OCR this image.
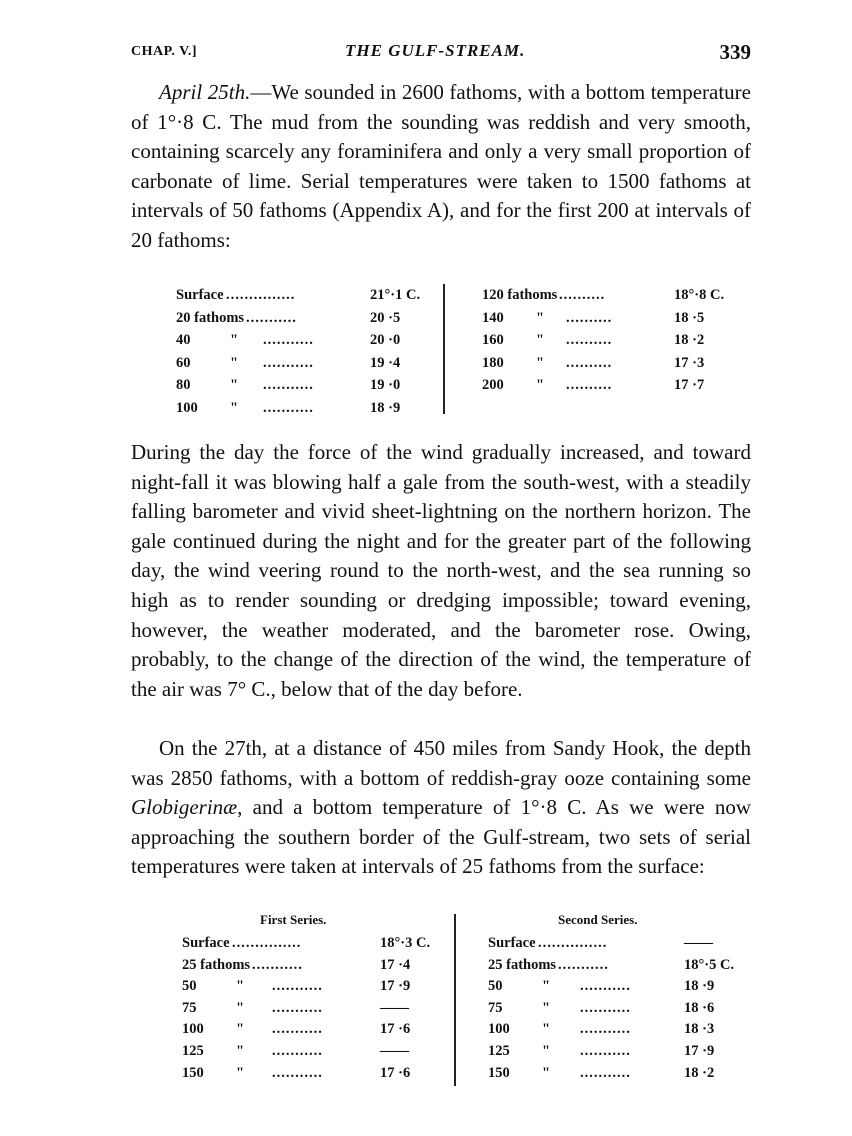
CHAP. V.]	THE GULF-STREAM.	339

April 25th.—We sounded in 2600 fathoms, with a bottom temperature of 1°·8 C. The mud from the sounding was reddish and very smooth, containing scarcely any foraminifera and only a very small proportion of carbonate of lime. Serial temperatures were taken to 1500 fathoms at intervals of 50 fathoms (Appendix A), and for the first 200 at intervals of 20 fathoms:

Surface ...............	21°·1 C.
20 fathoms ...........	20 ·5
40	" ...........	20 ·0
60	" ...........	19 ·4
80	" ...........	19 ·0
100 " ...........	18 ·9
120 fathoms ..........	18°·8 C.
140 " ..........	18 ·5
160 " ..........	18 ·2
180 " ..........	17 ·3
200 " ..........	17 ·7

During the day the force of the wind gradually increased, and toward night-fall it was blowing half a gale from the south-west, with a steadily falling barometer and vivid sheet-lightning on the northern horizon. The gale continued during the night and for the greater part of the following day, the wind veering round to the north-west, and the sea running so high as to render sounding or dredging impossible; toward evening, however, the weather moderated, and the barometer rose. Owing, probably, to the change of the direction of the wind, the temperature of the air was 7° C., below that of the day before.

On the 27th, at a distance of 450 miles from Sandy Hook, the depth was 2850 fathoms, with a bottom of reddish-gray ooze containing some Globigerinæ, and a bottom temperature of 1°·8 C. As we were now approaching the southern border of the Gulf-stream, two sets of serial temperatures were taken at intervals of 25 fathoms from the surface:

First Series.	Second Series.
Surface ...............	18°·3 C.
25 fathoms ...........	17 ·4
50	" ...........	17 ·9
75	" ...........	——
100 " ...........	17 ·6
125 " ...........	——
150 " ...........	17 ·6
Surface ...............	——
25 fathoms ...........	18°·5 C.
50	" ...........	18 ·9
75	" ...........	18 ·6
100 " ...........	18 ·3
125 " ...........	17 ·9
150 " ...........	18 ·2
